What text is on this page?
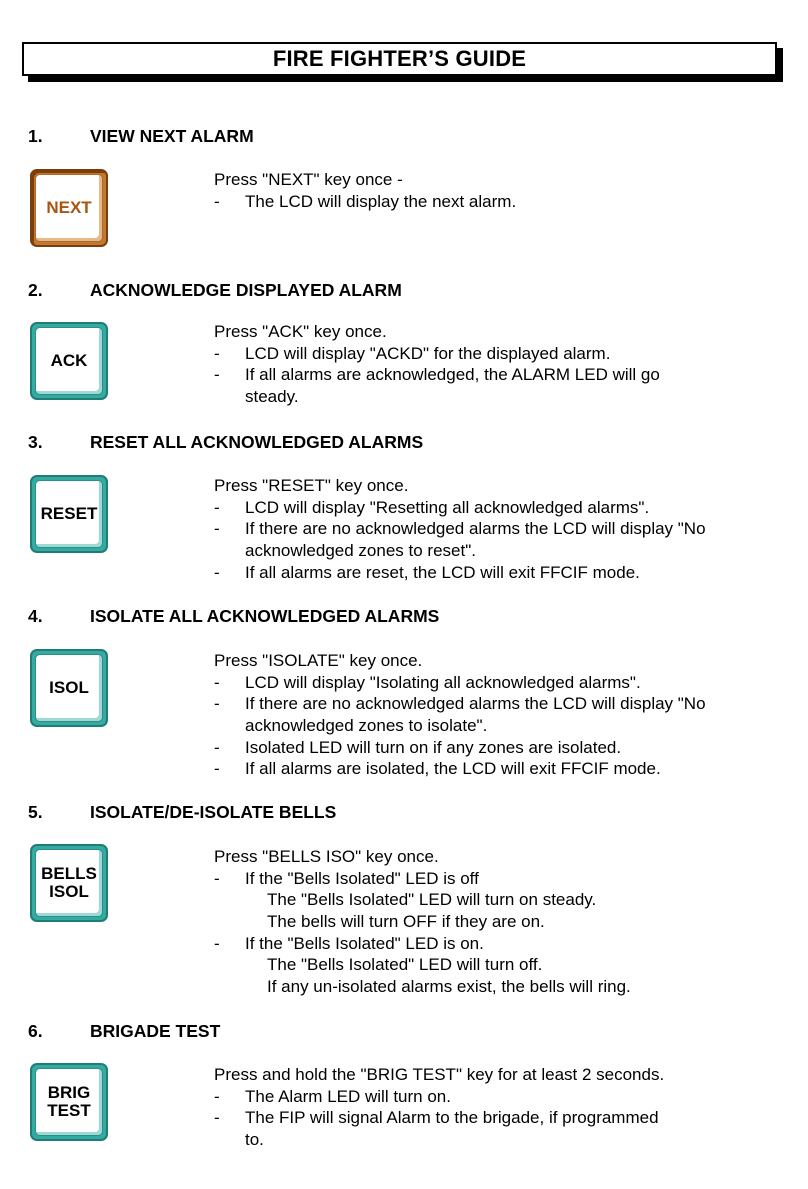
FIRE FIGHTER’S GUIDE
1.	VIEW NEXT ALARM
NEXT
Press "NEXT" key once -
- The LCD will display the next alarm.
2.	ACKNOWLEDGE DISPLAYED ALARM
ACK
Press "ACK" key once.
- LCD will display "ACKD" for the displayed alarm.
- If all alarms are acknowledged, the ALARM LED will go
steady.
3.	RESET ALL ACKNOWLEDGED ALARMS
RESET
Press "RESET" key once.
- LCD will display "Resetting all acknowledged alarms".
- If there are no acknowledged alarms the LCD will display "No
acknowledged zones to reset".
- If all alarms are reset, the LCD will exit FFCIF mode.
4.	ISOLATE ALL ACKNOWLEDGED ALARMS
ISOL
Press "ISOLATE" key once.
- LCD will display "Isolating all acknowledged alarms".
- If there are no acknowledged alarms the LCD will display "No
acknowledged zones to isolate".
- Isolated LED will turn on if any zones are isolated.
- If all alarms are isolated, the LCD will exit FFCIF mode.
5.	ISOLATE/DE-ISOLATE BELLS
BELLS
ISOL
Press "BELLS ISO" key once.
- If the "Bells Isolated" LED is off
The "Bells Isolated" LED will turn on steady.
The bells will turn OFF if they are on.
- If the "Bells Isolated" LED is on.
The "Bells Isolated" LED will turn off.
If any un-isolated alarms exist, the bells will ring.
6.	BRIGADE TEST
BRIG
TEST
Press and hold the "BRIG TEST" key for at least 2 seconds.
- The Alarm LED will turn on.
- The FIP will signal Alarm to the brigade, if programmed
to.
